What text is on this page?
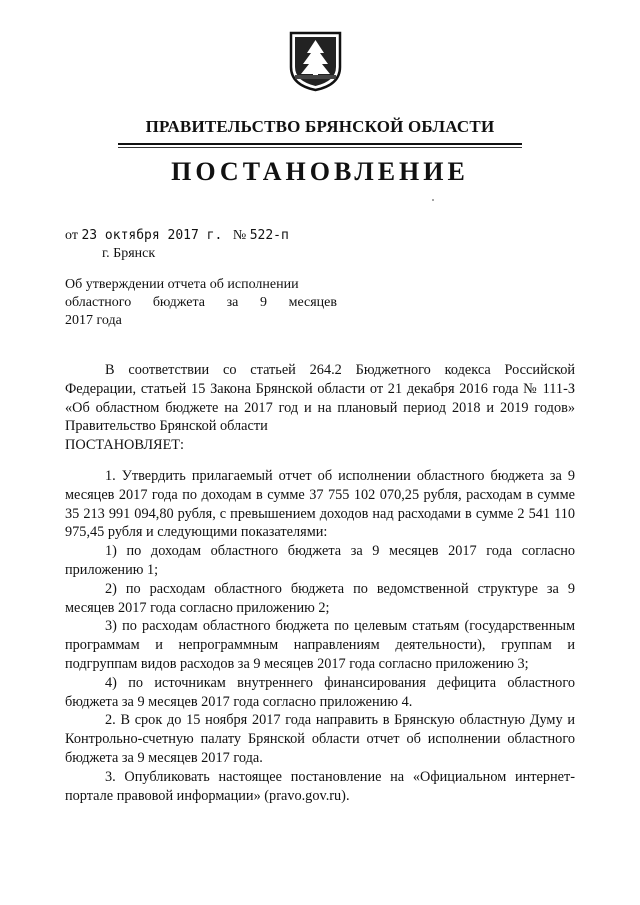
ПРАВИТЕЛЬСТВО БРЯНСКОЙ ОБЛАСТИ
ПОСТАНОВЛЕНИЕ
от 23 октября 2017 г. № 522-п
г. Брянск
Об утверждении отчета об исполнении
областного бюджета за 9 месяцев
2017 года

В соответствии со статьей 264.2 Бюджетного кодекса Российской Федерации, статьей 15 Закона Брянской области от 21 декабря 2016 года № 111-З «Об областном бюджете на 2017 год и на плановый период 2018 и 2019 годов» Правительство Брянской области

ПОСТАНОВЛЯЕТ:

1. Утвердить прилагаемый отчет об исполнении областного бюджета за 9 месяцев 2017 года по доходам в сумме 37 755 102 070,25 рубля, расходам в сумме 35 213 991 094,80 рубля, с превышением доходов над расходами в сумме 2 541 110 975,45 рубля и следующими показателями:

1) по доходам областного бюджета за 9 месяцев 2017 года согласно приложению 1;

2) по расходам областного бюджета по ведомственной структуре за 9 месяцев 2017 года согласно приложению 2;

3) по расходам областного бюджета по целевым статьям (государственным программам и непрограммным направлениям деятельности), группам и подгруппам видов расходов за 9 месяцев 2017 года согласно приложению 3;

4) по источникам внутреннего финансирования дефицита областного бюджета за 9 месяцев 2017 года согласно приложению 4.

2. В срок до 15 ноября 2017 года направить в Брянскую областную Думу и Контрольно-счетную палату Брянской области отчет об исполнении областного бюджета за 9 месяцев 2017 года.

3. Опубликовать настоящее постановление на «Официальном интернет-портале правовой информации» (pravo.gov.ru).
